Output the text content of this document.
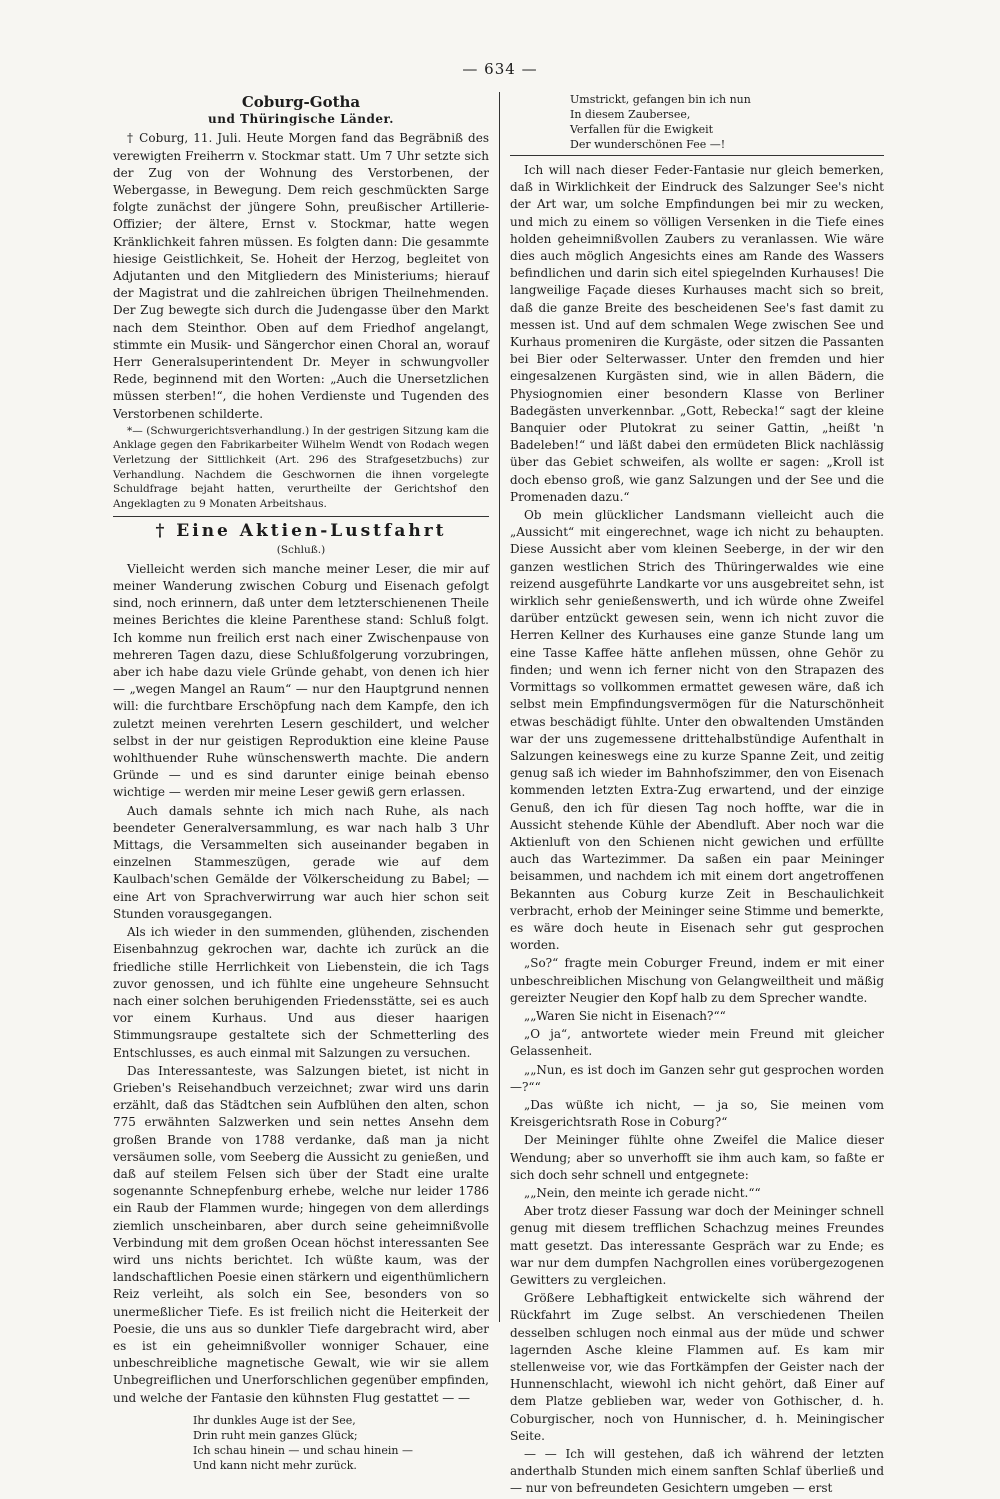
— 634 —
Coburg-Gotha
und Thüringische Länder.

† Coburg, 11. Juli. Heute Morgen fand das Begräbniß des verewigten Freiherrn v. Stockmar statt. Um 7 Uhr setzte sich der Zug von der Wohnung des Verstorbenen, der Webergasse, in Bewegung. Dem reich geschmückten Sarge folgte zunächst der jüngere Sohn, preußischer Artillerie-Offizier; der ältere, Ernst v. Stockmar, hatte wegen Kränklichkeit fahren müssen. Es folgten dann: Die gesammte hiesige Geistlichkeit, Se. Hoheit der Herzog, begleitet von Adjutanten und den Mitgliedern des Ministeriums; hierauf der Magistrat und die zahlreichen übrigen Theilnehmenden. Der Zug bewegte sich durch die Judengasse über den Markt nach dem Steinthor. Oben auf dem Friedhof angelangt, stimmte ein Musik- und Sängerchor einen Choral an, worauf Herr Generalsuperintendent Dr. Meyer in schwungvoller Rede, beginnend mit den Worten: „Auch die Unersetzlichen müssen sterben!“, die hohen Verdienste und Tugenden des Verstorbenen schilderte.

*— (Schwurgerichtsverhandlung.) In der gestrigen Sitzung kam die Anklage gegen den Fabrikarbeiter Wilhelm Wendt von Rodach wegen Verletzung der Sittlichkeit (Art. 296 des Strafgesetzbuchs) zur Verhandlung. Nachdem die Geschwornen die ihnen vorgelegte Schuldfrage bejaht hatten, verurtheilte der Gerichtshof den Angeklagten zu 9 Monaten Arbeitshaus.

† Eine Aktien-Lustfahrt
(Schluß.)

Vielleicht werden sich manche meiner Leser, die mir auf meiner Wanderung zwischen Coburg und Eisenach gefolgt sind, noch erinnern, daß unter dem letzterschienenen Theile meines Berichtes die kleine Parenthese stand: Schluß folgt. Ich komme nun freilich erst nach einer Zwischenpause von mehreren Tagen dazu, diese Schlußfolgerung vorzubringen, aber ich habe dazu viele Gründe gehabt, von denen ich hier — „wegen Mangel an Raum“ — nur den Hauptgrund nennen will: die furchtbare Erschöpfung nach dem Kampfe, den ich zuletzt meinen verehrten Lesern geschildert, und welcher selbst in der nur geistigen Reproduktion eine kleine Pause wohlthuender Ruhe wünschenswerth machte. Die andern Gründe — und es sind darunter einige beinah ebenso wichtige — werden mir meine Leser gewiß gern erlassen.

Auch damals sehnte ich mich nach Ruhe, als nach beendeter Generalversammlung, es war nach halb 3 Uhr Mittags, die Versammelten sich auseinander begaben in einzelnen Stammeszügen, gerade wie auf dem Kaulbach'schen Gemälde der Völkerscheidung zu Babel; — eine Art von Sprachverwirrung war auch hier schon seit Stunden vorausgegangen.

Als ich wieder in den summenden, glühenden, zischenden Eisenbahnzug gekrochen war, dachte ich zurück an die friedliche stille Herrlichkeit von Liebenstein, die ich Tags zuvor genossen, und ich fühlte eine ungeheure Sehnsucht nach einer solchen beruhigenden Friedensstätte, sei es auch vor einem Kurhaus. Und aus dieser haarigen Stimmungsraupe gestaltete sich der Schmetterling des Entschlusses, es auch einmal mit Salzungen zu versuchen.

Das Interessanteste, was Salzungen bietet, ist nicht in Grieben's Reisehandbuch verzeichnet; zwar wird uns darin erzählt, daß das Städtchen sein Aufblühen den alten, schon 775 erwähnten Salzwerken und sein nettes Ansehn dem großen Brande von 1788 verdanke, daß man ja nicht versäumen solle, vom Seeberg die Aussicht zu genießen, und daß auf steilem Felsen sich über der Stadt eine uralte sogenannte Schnepfenburg erhebe, welche nur leider 1786 ein Raub der Flammen wurde; hingegen von dem allerdings ziemlich unscheinbaren, aber durch seine geheimnißvolle Verbindung mit dem großen Ocean höchst interessanten See wird uns nichts berichtet. Ich wüßte kaum, was der landschaftlichen Poesie einen stärkern und eigenthümlichern Reiz verleiht, als solch ein See, besonders von so unermeßlicher Tiefe. Es ist freilich nicht die Heiterkeit der Poesie, die uns aus so dunkler Tiefe dargebracht wird, aber es ist ein geheimnißvoller wonniger Schauer, eine unbeschreibliche magnetische Gewalt, wie wir sie allem Unbegreiflichen und Unerforschlichen gegenüber empfinden, und welche der Fantasie den kühnsten Flug gestattet — —

Ihr dunkles Auge ist der See,
Drin ruht mein ganzes Glück;
Ich schau hinein — und schau hinein —
Und kann nicht mehr zurück.
Umstrickt, gefangen bin ich nun
In diesem Zaubersee,
Verfallen für die Ewigkeit
Der wunderschönen Fee —!

Ich will nach dieser Feder-Fantasie nur gleich bemerken, daß in Wirklichkeit der Eindruck des Salzunger See's nicht der Art war, um solche Empfindungen bei mir zu wecken, und mich zu einem so völligen Versenken in die Tiefe eines holden geheimnißvollen Zaubers zu veranlassen. Wie wäre dies auch möglich Angesichts eines am Rande des Wassers befindlichen und darin sich eitel spiegelnden Kurhauses! Die langweilige Façade dieses Kurhauses macht sich so breit, daß die ganze Breite des bescheidenen See's fast damit zu messen ist. Und auf dem schmalen Wege zwischen See und Kurhaus promeniren die Kurgäste, oder sitzen die Passanten bei Bier oder Selterwasser. Unter den fremden und hier eingesalzenen Kurgästen sind, wie in allen Bädern, die Physiognomien einer besondern Klasse von Berliner Badegästen unverkennbar. „Gott, Rebecka!“ sagt der kleine Banquier oder Plutokrat zu seiner Gattin, „heißt 'n Badeleben!“ und läßt dabei den ermüdeten Blick nachlässig über das Gebiet schweifen, als wollte er sagen: „Kroll ist doch ebenso groß, wie ganz Salzungen und der See und die Promenaden dazu.“

Ob mein glücklicher Landsmann vielleicht auch die „Aussicht“ mit eingerechnet, wage ich nicht zu behaupten. Diese Aussicht aber vom kleinen Seeberge, in der wir den ganzen westlichen Strich des Thüringerwaldes wie eine reizend ausgeführte Landkarte vor uns ausgebreitet sehn, ist wirklich sehr genießenswerth, und ich würde ohne Zweifel darüber entzückt gewesen sein, wenn ich nicht zuvor die Herren Kellner des Kurhauses eine ganze Stunde lang um eine Tasse Kaffee hätte anflehen müssen, ohne Gehör zu finden; und wenn ich ferner nicht von den Strapazen des Vormittags so vollkommen ermattet gewesen wäre, daß ich selbst mein Empfindungsvermögen für die Naturschönheit etwas beschädigt fühlte. Unter den obwaltenden Umständen war der uns zugemessene drittehalbstündige Aufenthalt in Salzungen keineswegs eine zu kurze Spanne Zeit, und zeitig genug saß ich wieder im Bahnhofszimmer, den von Eisenach kommenden letzten Extra-Zug erwartend, und der einzige Genuß, den ich für diesen Tag noch hoffte, war die in Aussicht stehende Kühle der Abendluft. Aber noch war die Aktienluft von den Schienen nicht gewichen und erfüllte auch das Wartezimmer. Da saßen ein paar Meininger beisammen, und nachdem ich mit einem dort angetroffenen Bekannten aus Coburg kurze Zeit in Beschaulichkeit verbracht, erhob der Meininger seine Stimme und bemerkte, es wäre doch heute in Eisenach sehr gut gesprochen worden.

„So?“ fragte mein Coburger Freund, indem er mit einer unbeschreiblichen Mischung von Gelangweiltheit und mäßig gereizter Neugier den Kopf halb zu dem Sprecher wandte.

„„Waren Sie nicht in Eisenach?““

„O ja“, antwortete wieder mein Freund mit gleicher Gelassenheit.

„„Nun, es ist doch im Ganzen sehr gut gesprochen worden —?““

„Das wüßte ich nicht, — ja so, Sie meinen vom Kreisgerichtsrath Rose in Coburg?“

Der Meininger fühlte ohne Zweifel die Malice dieser Wendung; aber so unverhofft sie ihm auch kam, so faßte er sich doch sehr schnell und entgegnete:

„„Nein, den meinte ich gerade nicht.““

Aber trotz dieser Fassung war doch der Meininger schnell genug mit diesem trefflichen Schachzug meines Freundes matt gesetzt. Das interessante Gespräch war zu Ende; es war nur dem dumpfen Nachgrollen eines vorübergezogenen Gewitters zu vergleichen.

Größere Lebhaftigkeit entwickelte sich während der Rückfahrt im Zuge selbst. An verschiedenen Theilen desselben schlugen noch einmal aus der müde und schwer lagernden Asche kleine Flammen auf. Es kam mir stellenweise vor, wie das Fortkämpfen der Geister nach der Hunnenschlacht, wiewohl ich nicht gehört, daß Einer auf dem Platze geblieben war, weder von Gothischer, d. h. Coburgischer, noch von Hunnischer, d. h. Meiningischer Seite.

— — Ich will gestehen, daß ich während der letzten anderthalb Stunden mich einem sanften Schlaf überließ und — nur von befreundeten Gesichtern umgeben — erst
